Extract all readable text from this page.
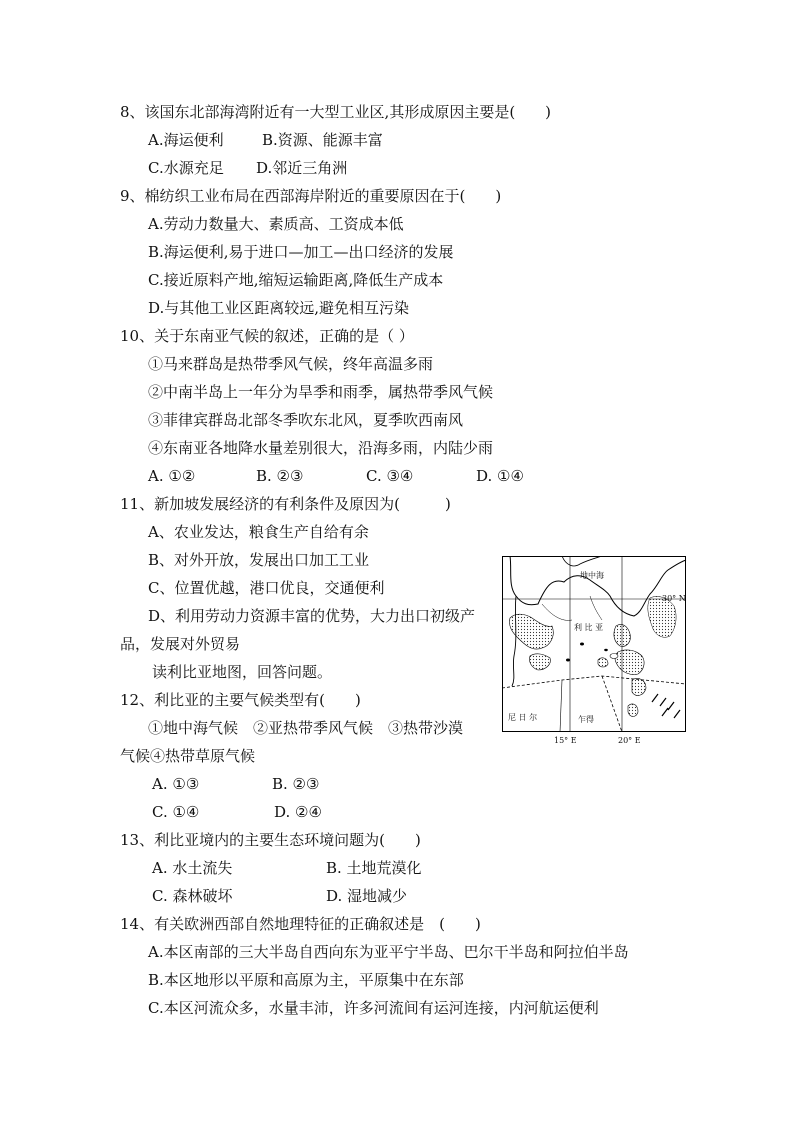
8、该国东北部海湾附近有一大型工业区,其形成原因主要是(　　)
A.海运便利	B.资源、能源丰富
C.水源充足 D.邻近三角洲
9、棉纺织工业布局在西部海岸附近的重要原因在于(　　)
A.劳动力数量大、素质高、工资成本低
B.海运便利,易于进口—加工—出口经济的发展
C.接近原料产地,缩短运输距离,降低生产成本
D.与其他工业区距离较远,避免相互污染
10、关于东南亚气候的叙述，正确的是（ ）
①马来群岛是热带季风气候，终年高温多雨
②中南半岛上一年分为旱季和雨季，属热带季风气候
③菲律宾群岛北部冬季吹东北风，夏季吹西南风
④东南亚各地降水量差别很大，沿海多雨，内陆少雨
A. ①②	B. ②③	C. ③④	D. ①④
11、新加坡发展经济的有利条件及原因为(　　　)
A、农业发达，粮食生产自给有余
B、对外开放，发展出口加工工业
C、位置优越，港口优良，交通便利
D、利用劳动力资源丰富的优势，大力出口初级产
品，发展对外贸易
读利比亚地图，回答问题。
12、利比亚的主要气候类型有(　　)
①地中海气候　②亚热带季风气候　③热带沙漠
气候④热带草原气候
A. ①③	B. ②③
C. ①④	D. ②④
13、利比亚境内的主要生态环境问题为(　　)
A. 水土流失	B. 土地荒漠化
C. 森林破坏	D. 湿地减少
14、有关欧洲西部自然地理特征的正确叙述是　(　　)
A.本区南部的三大半岛自西向东为亚平宁半岛、巴尔干半岛和阿拉伯半岛
B.本区地形以平原和高原为主，平原集中在东部
C.本区河流众多，水量丰沛，许多河流间有运河连接，内河航运便利
地中海
利 比 亚
尼 日 尔	乍得
30° N
15° E	20° E
